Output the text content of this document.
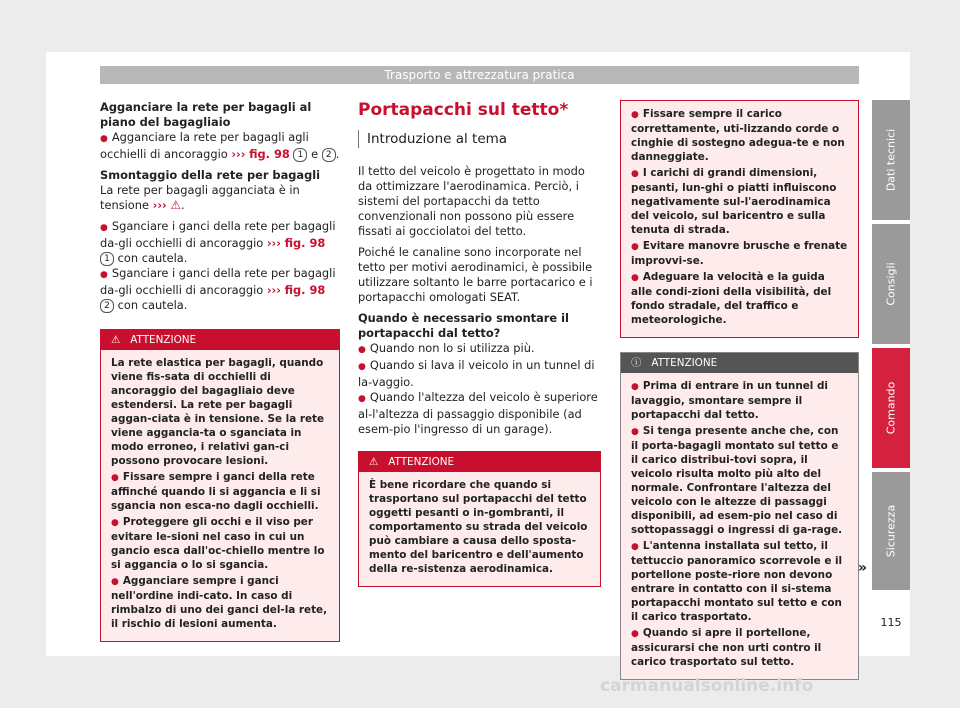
Trasporto e attrezzatura pratica

Agganciare la rete per bagagli al piano del bagagliaio

● Agganciare la rete per bagagli agli occhielli di ancoraggio ››› fig. 98 1 e 2 .

Smontaggio della rete per bagagli

La rete per bagagli agganciata è in tensione ››› ⚠.

● Sganciare i ganci della rete per bagagli da-gli occhielli di ancoraggio ››› fig. 98 1 con cautela.

● Sganciare i ganci della rete per bagagli da-gli occhielli di ancoraggio ››› fig. 98 2 con cautela.

⚠ ATTENZIONE

La rete elastica per bagagli, quando viene fis-sata di occhielli di ancoraggio del bagagliaio deve estendersi. La rete per bagagli aggan-ciata è in tensione. Se la rete viene aggancia-ta o sganciata in modo erroneo, i relativi gan-ci possono provocare lesioni.

● Fissare sempre i ganci della rete affinché quando li si aggancia e li si sgancia non esca-no dagli occhielli.

● Proteggere gli occhi e il viso per evitare le-sioni nel caso in cui un gancio esca dall'oc-chiello mentre lo si aggancia o lo si sgancia.

● Agganciare sempre i ganci nell'ordine indi-cato. In caso di rimbalzo di uno dei ganci del-la rete, il rischio di lesioni aumenta.

Portapacchi sul tetto*

Introduzione al tema

Il tetto del veicolo è progettato in modo da ottimizzare l'aerodinamica. Perciò, i sistemi del portapacchi da tetto convenzionali non possono più essere fissati ai gocciolatoi del tetto.

Poiché le canaline sono incorporate nel tetto per motivi aerodinamici, è possibile utilizzare soltanto le barre portacarico e i portapacchi omologati SEAT.

Quando è necessario smontare il portapacchi dal tetto?

● Quando non lo si utilizza più.

● Quando si lava il veicolo in un tunnel di la-vaggio.

● Quando l'altezza del veicolo è superiore al-l'altezza di passaggio disponibile (ad esem-pio l'ingresso di un garage).

⚠ ATTENZIONE

È bene ricordare che quando si trasportano sul portapacchi del tetto oggetti pesanti o in-gombranti, il comportamento su strada del veicolo può cambiare a causa dello sposta-mento del baricentro e dell'aumento della re-sistenza aerodinamica.

● Fissare sempre il carico correttamente, uti-lizzando corde o cinghie di sostegno adegua-te e non danneggiate.

● I carichi di grandi dimensioni, pesanti, lun-ghi o piatti influiscono negativamente sul-l'aerodinamica del veicolo, sul baricentro e sulla tenuta di strada.

● Evitare manovre brusche e frenate improvvi-se.

● Adeguare la velocità e la guida alle condi-zioni della visibilità, del fondo stradale, del traffico e meteorologiche.

ⓘ ATTENZIONE

● Prima di entrare in un tunnel di lavaggio, smontare sempre il portapacchi dal tetto.

● Si tenga presente anche che, con il porta-bagagli montato sul tetto e il carico distribui-tovi sopra, il veicolo risulta molto più alto del normale. Confrontare l'altezza del veicolo con le altezze di passaggi disponibili, ad esem-pio nel caso di sottopassaggi o ingressi di ga-rage.

● L'antenna installata sul tetto, il tettuccio panoramico scorrevole e il portellone poste-riore non devono entrare in contatto con il si-stema portapacchi montato sul tetto e con il carico trasportato.

● Quando si apre il portellone, assicurarsi che non urti contro il carico trasportato sul tetto.

»
Dati tecnici
Consigli
Comando
Sicurezza
115
carmanualsonline.info
